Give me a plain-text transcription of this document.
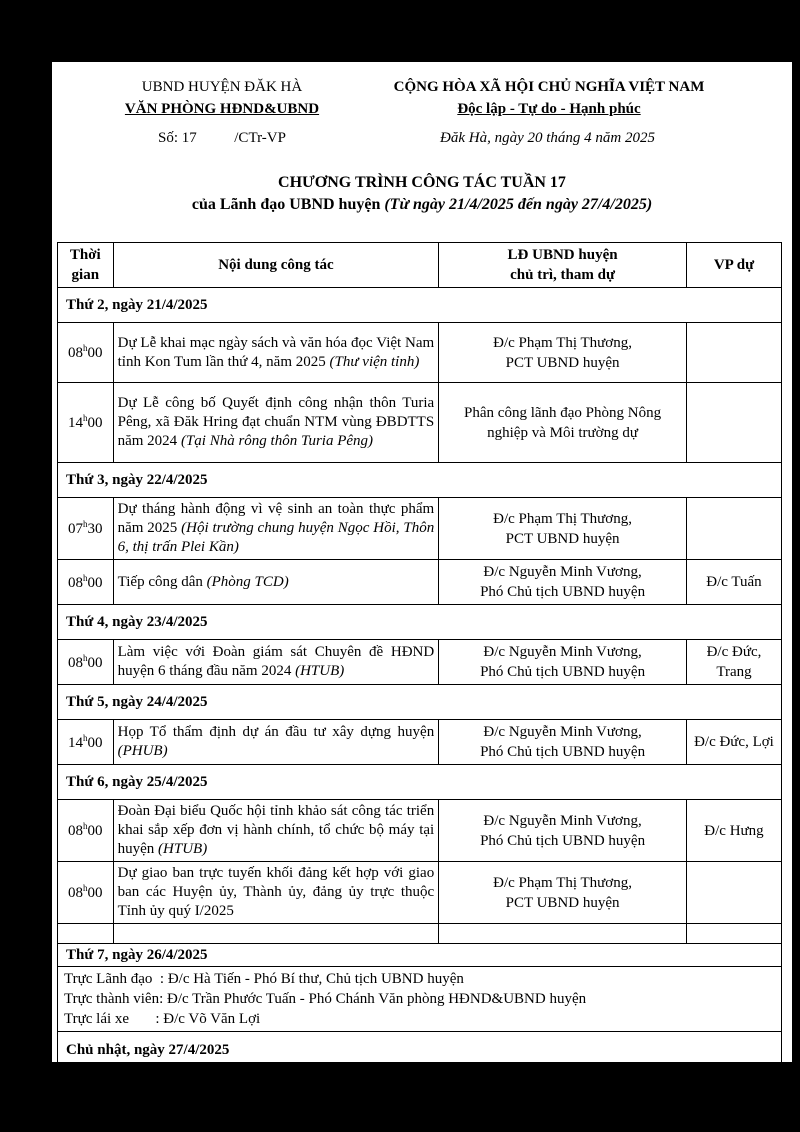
UBND HUYỆN ĐĂK HÀ
VĂN PHÒNG HĐND&UBND
CỘNG HÒA XÃ HỘI CHỦ NGHĨA VIỆT NAM
Độc lập - Tự do - Hạnh phúc
Số: 17	/CTr-VP	Đăk Hà, ngày 20 tháng 4 năm 2025
CHƯƠNG TRÌNH CÔNG TÁC TUẦN 17
của Lãnh đạo UBND huyện (Từ ngày 21/4/2025 đến ngày 27/4/2025)
Thời gian	Nội dung công tác	LĐ UBND huyện
chủ trì, tham dự	VP dự
Thứ 2, ngày 21/4/2025			
08$^h$00	Dự Lễ khai mạc ngày sách và văn hóa đọc Việt Nam tỉnh Kon Tum lần thứ 4, năm 2025 (Thư viện tỉnh)	Đ/c Phạm Thị Thương,
PCT UBND huyện	

14$^h$00	Dự Lễ công bố Quyết định công nhận thôn Turia Pêng, xã Đăk Hring đạt chuẩn NTM vùng ĐBDTTS năm 2024 (Tại Nhà rông thôn Turia Pêng)	Phân công lãnh đạo Phòng Nông
nghiệp và Môi trường dự	

Thứ 3, ngày 22/4/2025			
07$^h$30	Dự tháng hành động vì vệ sinh an toàn thực phẩm năm 2025 (Hội trường chung huyện Ngọc Hồi, Thôn 6, thị trấn Plei Kần)	Đ/c Phạm Thị Thương,
PCT UBND huyện	

08$^h$00	Tiếp công dân (Phòng TCD)	Đ/c Nguyễn Minh Vương,
Phó Chủ tịch UBND huyện	Đ/c Tuấn
Thứ 4, ngày 23/4/2025			
08$^h$00	Làm việc với Đoàn giám sát Chuyên đề HĐND huyện 6 tháng đầu năm 2024 (HTUB)	Đ/c Nguyễn Minh Vương,
Phó Chủ tịch UBND huyện	Đ/c Đức, Trang
Thứ 5, ngày 24/4/2025			
14$^h$00	Họp Tổ thẩm định dự án đầu tư xây dựng huyện (PHUB)	Đ/c Nguyễn Minh Vương,
Phó Chủ tịch UBND huyện	Đ/c Đức, Lợi
Thứ 6, ngày 25/4/2025			
08$^h$00	Đoàn Đại biểu Quốc hội tỉnh khảo sát công tác triển khai sắp xếp đơn vị hành chính, tổ chức bộ máy tại huyện (HTUB)	Đ/c Nguyễn Minh Vương,
Phó Chủ tịch UBND huyện	Đ/c Hưng
08$^h$00	Dự giao ban trực tuyến khối đảng kết hợp với giao ban các Huyện ủy, Thành ủy, đảng ủy trực thuộc Tỉnh ủy quý I/2025	Đ/c Phạm Thị Thương,
PCT UBND huyện	

Thứ 7, ngày 26/4/2025			

Trực Lãnh đạo  : Đ/c Hà Tiến - Phó Bí thư, Chủ tịch UBND huyện
Trực thành viên: Đ/c Trần Phước Tuấn - Phó Chánh Văn phòng HĐND&UBND huyện
Trực lái xe       : Đ/c Võ Văn Lợi			

Chủ nhật, ngày 27/4/2025			
